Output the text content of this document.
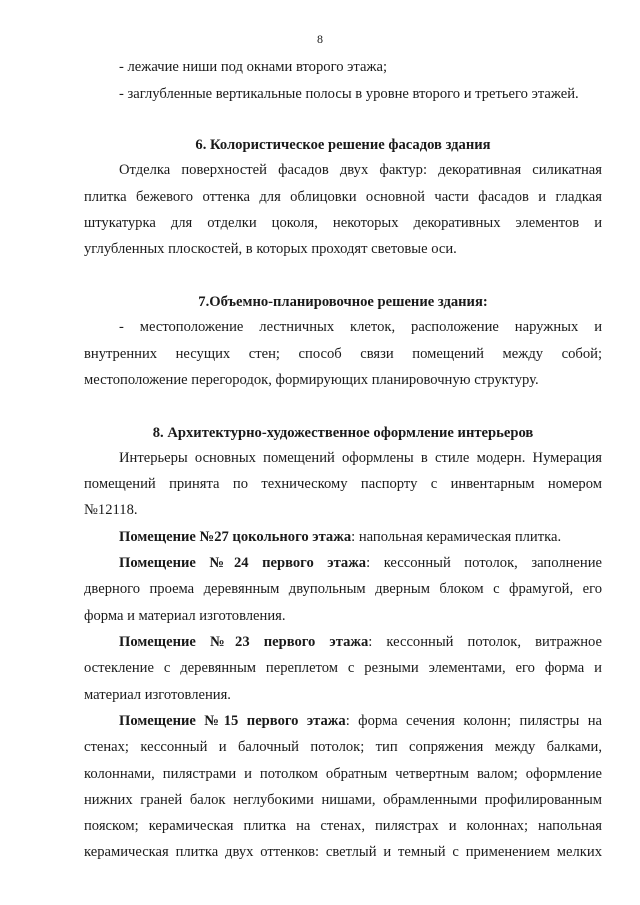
8
- лежачие ниши под окнами второго этажа;
- заглубленные вертикальные полосы в уровне второго и третьего этажей.
6. Колористическое решение фасадов здания
Отделка поверхностей фасадов двух фактур: декоративная силикатная
плитка бежевого оттенка для облицовки основной части фасадов и гладкая
штукатурка для отделки цоколя, некоторых декоративных элементов и
углубленных плоскостей, в которых проходят световые оси.
7.Объемно-планировочное решение здания:
- местоположение лестничных клеток, расположение наружных и
внутренних несущих стен; способ связи помещений между собой;
местоположение перегородок, формирующих планировочную структуру.
8. Архитектурно-художественное оформление интерьеров
Интерьеры основных помещений оформлены в стиле модерн. Нумерация
помещений принята по техническому паспорту с инвентарным номером
№12118.
Помещение №27 цокольного этажа: напольная керамическая плитка.
Помещение №24 первого этажа: кессонный потолок, заполнение
дверного проема деревянным двупольным дверным блоком с фрамугой, его
форма и материал изготовления.
Помещение №23 первого этажа: кессонный потолок, витражное
остекление с деревянным переплетом с резными элементами, его форма и
материал изготовления.
Помещение №15 первого этажа: форма сечения колонн; пилястры на
стенах; кессонный и балочный потолок; тип сопряжения между балками,
колоннами, пилястрами и потолком обратным четвертным валом; оформление
нижних граней балок неглубокими нишами, обрамленными профилированным
пояском; керамическая плитка на стенах, пилястрах и колоннах; напольная
керамическая плитка двух оттенков: светлый и темный с применением мелких
